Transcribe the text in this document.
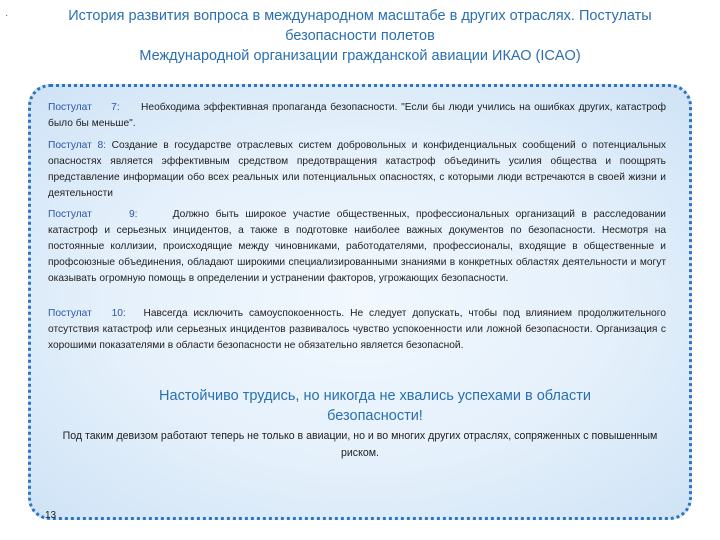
·	История развития вопроса в международном масштабе в других отраслях. Постулаты
безопасности полетов
Международной организации гражданской авиации ИКАО (ICAO)

Постулат 7: Необходима эффективная пропаганда безопасности. "Если бы люди учились на ошибках других, катастроф было бы меньше".

Постулат 8: Создание в государстве отраслевых систем добровольных и конфиденциальных сообщений о потенциальных опасностях является эффективным средством предотвращения катастроф объединить усилия общества и поощрять представление информации обо всех реальных или потенциальных опасностях, с которыми люди встречаются в своей жизни и деятельности

Постулат	9:	Должно быть широкое участие общественных, профессиональных организаций в расследовании катастроф и серьезных инцидентов, а также в подготовке наиболее важных документов по безопасности. Несмотря на постоянные коллизии, происходящие между чиновниками, работодателями, профессионалы, входящие в общественные и профсоюзные объединения, обладают широкими специализированными знаниями в конкретных областях деятельности и могут оказывать огромную помощь в определении и устранении факторов, угрожающих безопасности.

Постулат 10: Навсегда исключить самоуспокоенность. Не следует допускать, чтобы под влиянием продолжительного отсутствия катастроф или серьезных инцидентов развивалось чувство успокоенности или ложной безопасности. Организация с хорошими показателями в области безопасности не обязательно является безопасной.

Настойчиво трудись, но никогда не хвались успехами в области безопасности!
Под таким девизом работают теперь не только в авиации, но и во многих других отраслях, сопряженных с повышенным риском.
13
